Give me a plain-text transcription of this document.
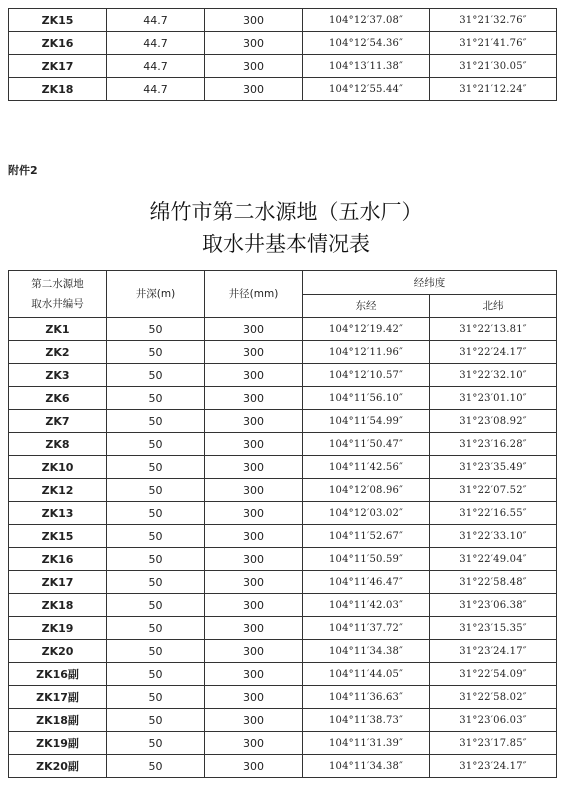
ZK15	44.7	300	104°12′37.08″	31°21′32.76″
ZK16	44.7	300	104°12′54.36″	31°21′41.76″
ZK17	44.7	300	104°13′11.38″	31°21′30.05″
ZK18	44.7	300	104°12′55.44″	31°21′12.24″
附件2
绵竹市第二水源地（五水厂）
取水井基本情况表
第二水源地
取水井编号	井深(m)	井径(mm)	经纬度	
			东经	北纬
ZK1	50	300	104°12′19.42″	31°22′13.81″
ZK2	50	300	104°12′11.96″	31°22′24.17″
ZK3	50	300	104°12′10.57″	31°22′32.10″
ZK6	50	300	104°11′56.10″	31°23′01.10″
ZK7	50	300	104°11′54.99″	31°23′08.92″
ZK8	50	300	104°11′50.47″	31°23′16.28″
ZK10	50	300	104°11′42.56″	31°23′35.49″
ZK12	50	300	104°12′08.96″	31°22′07.52″
ZK13	50	300	104°12′03.02″	31°22′16.55″
ZK15	50	300	104°11′52.67″	31°22′33.10″
ZK16	50	300	104°11′50.59″	31°22′49.04″
ZK17	50	300	104°11′46.47″	31°22′58.48″
ZK18	50	300	104°11′42.03″	31°23′06.38″
ZK19	50	300	104°11′37.72″	31°23′15.35″
ZK20	50	300	104°11′34.38″	31°23′24.17″
ZK16副	50	300	104°11′44.05″	31°22′54.09″
ZK17副	50	300	104°11′36.63″	31°22′58.02″
ZK18副	50	300	104°11′38.73″	31°23′06.03″
ZK19副	50	300	104°11′31.39″	31°23′17.85″
ZK20副	50	300	104°11′34.38″	31°23′24.17″
